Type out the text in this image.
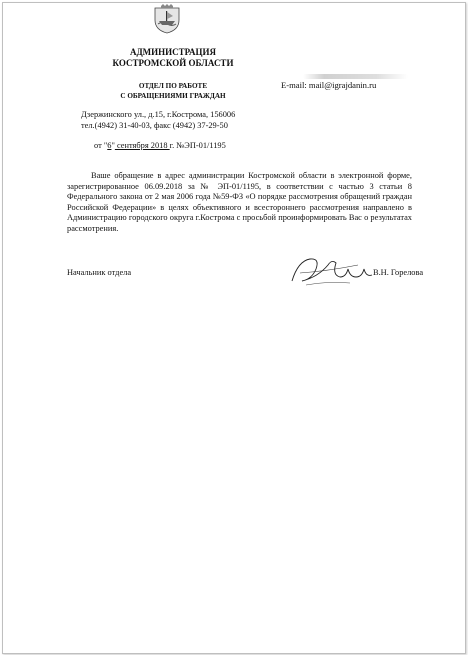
АДМИНИСТРАЦИЯ
КОСТРОМСКОЙ ОБЛАСТИ
ОТДЕЛ ПО РАБОТЕ
С ОБРАЩЕНИЯМИ ГРАЖДАН
E-mail: mail@igrajdanin.ru
Дзержинского ул., д.15, г.Кострома, 156006
тел.(4942) 31-40-03, факс (4942) 37-29-50
от "6" сентября 2018 г. №ЭП-01/1195
Ваше обращение в адрес администрации Костромской области в электронной форме, зарегистрированное 06.09.2018 за № ЭП-01/1195, в соответствии с частью 3 статьи 8 Федерального закона от 2 мая 2006 года №59-ФЗ «О порядке рассмотрения обращений граждан Российской Федерации» в целях объективного и всестороннего рассмотрения направлено в Администрацию городского округа г.Кострома с просьбой проинформировать Вас о результатах рассмотрения.
Начальник отдела	В.Н. Горелова
